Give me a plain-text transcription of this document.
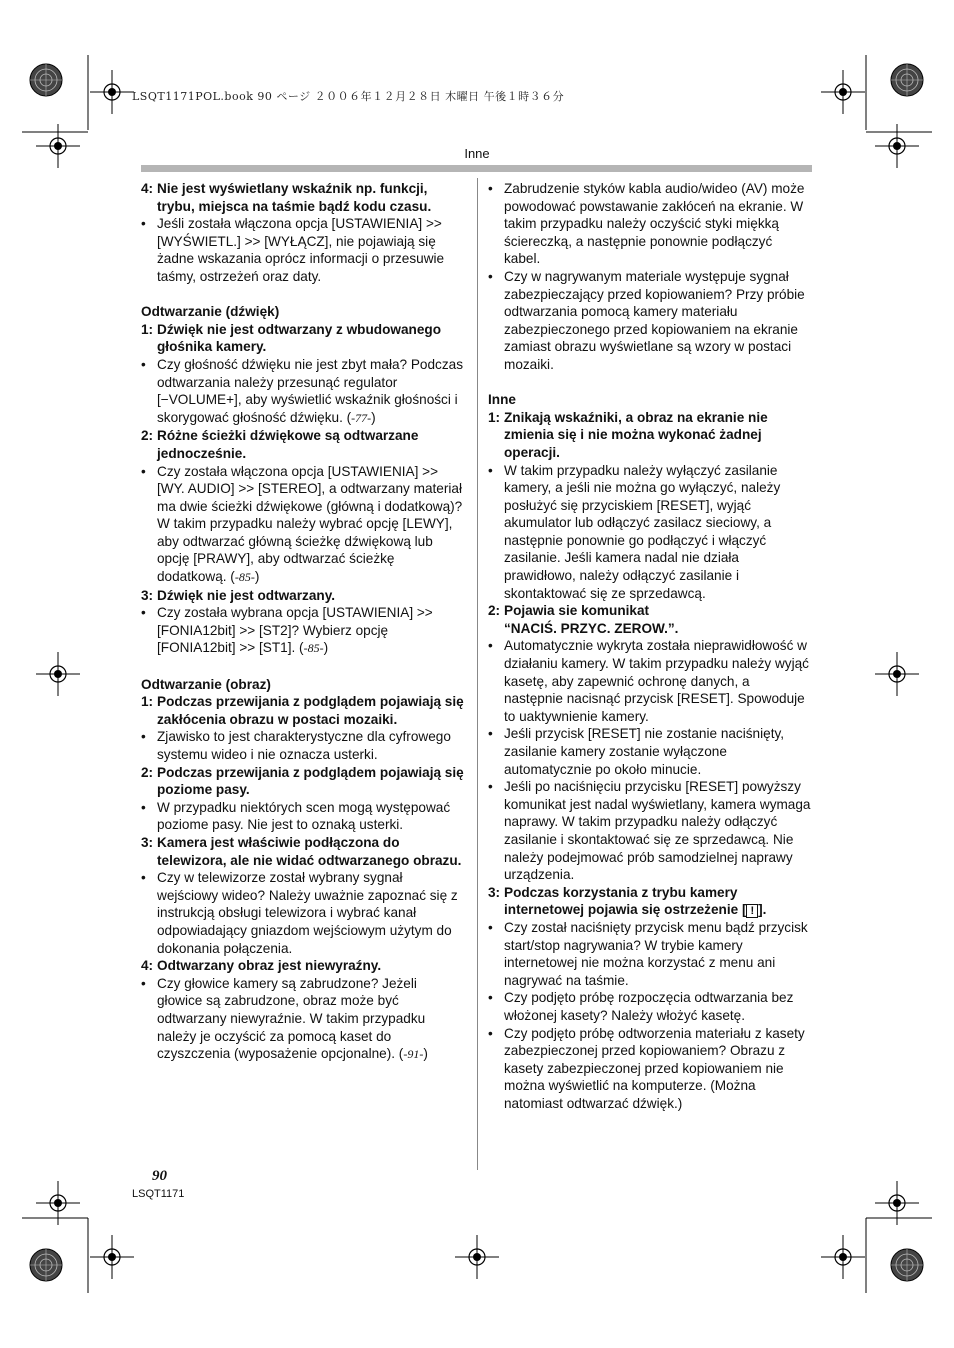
LSQT1171POL.book 90 ページ ２００６年１２月２８日 木曜日 午後１時３６分
Inne
4: Nie jest wyświetlany wskaźnik np. funkcji, trybu, miejsca na taśmie bądź kodu czasu.
• Jeśli została włączona opcja [USTAWIENIA] >> [WYŚWIETL.] >> [WYŁĄCZ], nie pojawiają się żadne wskazania oprócz informacji o przesuwie taśmy, ostrzeżeń oraz daty.
Odtwarzanie (dźwięk)
1: Dźwięk nie jest odtwarzany z wbudowanego głośnika kamery.
• Czy głośność dźwięku nie jest zbyt mała? Podczas odtwarzania należy przesunąć regulator [−VOLUME+], aby wyświetlić wskaźnik głośności i skorygować głośność dźwięku. (-77-)
2: Różne ścieżki dźwiękowe są odtwarzane jednocześnie.
• Czy została włączona opcja [USTAWIENIA] >> [WY. AUDIO] >> [STEREO], a odtwarzany materiał ma dwie ścieżki dźwiękowe (główną i dodatkową)? W takim przypadku należy wybrać opcję [LEWY], aby odtwarzać główną ścieżkę dźwiękową lub opcję [PRAWY], aby odtwarzać ścieżkę dodatkową. (-85-)
3: Dźwięk nie jest odtwarzany.
• Czy została wybrana opcja [USTAWIENIA] >> [FONIA12bit] >> [ST2]? Wybierz opcję [FONIA12bit] >> [ST1]. (-85-)
Odtwarzanie (obraz)
1: Podczas przewijania z podglądem pojawiają się zakłócenia obrazu w postaci mozaiki.
• Zjawisko to jest charakterystyczne dla cyfrowego systemu wideo i nie oznacza usterki.
2: Podczas przewijania z podglądem pojawiają się poziome pasy.
• W przypadku niektórych scen mogą występować poziome pasy. Nie jest to oznaką usterki.
3: Kamera jest właściwie podłączona do telewizora, ale nie widać odtwarzanego obrazu.
• Czy w telewizorze został wybrany sygnał wejściowy wideo? Należy uważnie zapoznać się z instrukcją obsługi telewizora i wybrać kanał odpowiadający gniazdom wejściowym użytym do dokonania połączenia.
4: Odtwarzany obraz jest niewyraźny.
• Czy głowice kamery są zabrudzone? Jeżeli głowice są zabrudzone, obraz może być odtwarzany niewyraźnie. W takim przypadku należy je oczyścić za pomocą kaset do czyszczenia (wyposażenie opcjonalne). (-91-)
• Zabrudzenie styków kabla audio/wideo (AV) może powodować powstawanie zakłóceń na ekranie. W takim przypadku należy oczyścić styki miękką ściereczką, a następnie ponownie podłączyć kabel.
• Czy w nagrywanym materiale występuje sygnał zabezpieczający przed kopiowaniem? Przy próbie odtwarzania pomocą kamery materiału zabezpieczonego przed kopiowaniem na ekranie zamiast obrazu wyświetlane są wzory w postaci mozaiki.
Inne
1: Znikają wskaźniki, a obraz na ekranie nie zmienia się i nie można wykonać żadnej operacji.
• W takim przypadku należy wyłączyć zasilanie kamery, a jeśli nie można go wyłączyć, należy posłużyć się przyciskiem [RESET], wyjąć akumulator lub odłączyć zasilacz sieciowy, a następnie ponownie go podłączyć i włączyć zasilanie. Jeśli kamera nadal nie działa prawidłowo, należy odłączyć zasilanie i skontaktować się ze sprzedawcą.
2: Pojawia sie komunikat
“NACIŚ. PRZYC. ZEROW.”.
• Automatycznie wykryta została nieprawidłowość w działaniu kamery. W takim przypadku należy wyjąć kasetę, aby zapewnić ochronę danych, a następnie nacisnąć przycisk [RESET]. Spowoduje to uaktywnienie kamery.
• Jeśli przycisk [RESET] nie zostanie naciśnięty, zasilanie kamery zostanie wyłączone automatycznie po około minucie.
• Jeśli po naciśnięciu przycisku [RESET] powyższy komunikat jest nadal wyświetlany, kamera wymaga naprawy. W takim przypadku należy odłączyć zasilanie i skontaktować się ze sprzedawcą. Nie należy podejmować prób samodzielnej naprawy urządzenia.
3: Podczas korzystania z trybu kamery internetowej pojawia się ostrzeżenie [ ! ].
• Czy został naciśnięty przycisk menu bądź przycisk start/stop nagrywania? W trybie kamery internetowej nie można korzystać z menu ani nagrywać na taśmie.
• Czy podjęto próbę rozpoczęcia odtwarzania bez włożonej kasety? Należy włożyć kasetę.
• Czy podjęto próbę odtworzenia materiału z kasety zabezpieczonej przed kopiowaniem? Obrazu z kasety zabezpieczonej przed kopiowaniem nie można wyświetlić na komputerze. (Można natomiast odtwarzać dźwięk.)
90
LSQT1171
